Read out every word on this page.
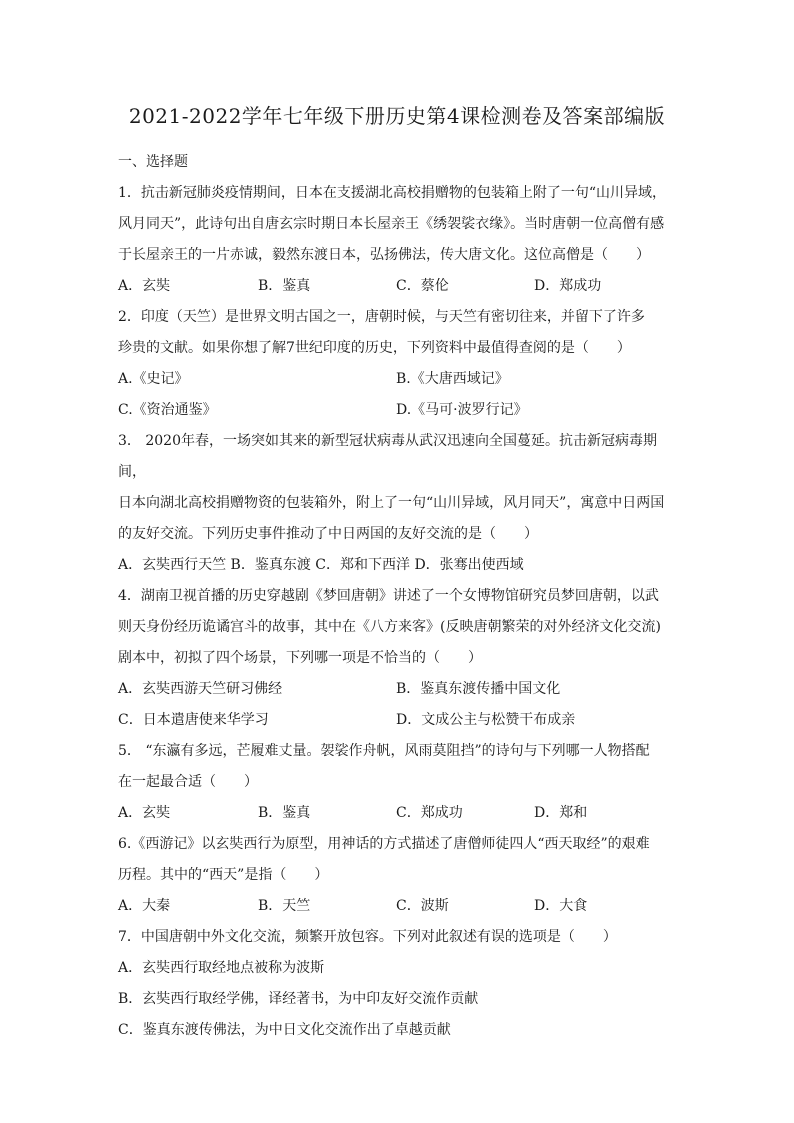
2021-2022学年七年级下册历史第4课检测卷及答案部编版

一、选择题

1．抗击新冠肺炎疫情期间，日本在支援湖北高校捐赠物的包装箱上附了一句“山川异域，

风月同天”，此诗句出自唐玄宗时期日本长屋亲王《绣袈裟衣缘》。当时唐朝一位高僧有感

于长屋亲王的一片赤诚，毅然东渡日本，弘扬佛法，传大唐文化。这位高僧是（　　）

A．玄奘	B．鉴真	C．蔡伦	D．郑成功

2．印度（天竺）是世界文明古国之一，唐朝时候，与天竺有密切往来，并留下了许多

珍贵的文献。如果你想了解7世纪印度的历史，下列资料中最值得查阅的是（　　）

A.《史记》	B.《大唐西域记》
C.《资治通鉴》	D.《马可·波罗行记》

3． 2020年春，一场突如其来的新型冠状病毒从武汉迅速向全国蔓延。抗击新冠病毒期间，

日本向湖北高校捐赠物资的包装箱外，附上了一句“山川异域，风月同天”，寓意中日两国

的友好交流。下列历史事件推动了中日两国的友好交流的是（　　）

A．玄奘西行天竺 B．鉴真东渡 C．郑和下西洋 D．张骞出使西域

4．湖南卫视首播的历史穿越剧《梦回唐朝》讲述了一个女博物馆研究员梦回唐朝，以武

则天身份经历诡谲宫斗的故事，其中在《八方来客》(反映唐朝繁荣的对外经济文化交流)

剧本中，初拟了四个场景，下列哪一项是不恰当的（　　）

A．玄奘西游天竺研习佛经	B．鉴真东渡传播中国文化
C．日本遣唐使来华学习	D．文成公主与松赞干布成亲

5． “东瀛有多远，芒履难丈量。袈裟作舟帆，风雨莫阻挡”的诗句与下列哪一人物搭配

在一起最合适（　　）

A．玄奘	B．鉴真	C．郑成功	D．郑和

6.《西游记》以玄奘西行为原型，用神话的方式描述了唐僧师徒四人“西天取经”的艰难

历程。其中的“西天”是指（　　）

A．大秦	B．天竺	C．波斯	D．大食

7．中国唐朝中外文化交流，频繁开放包容。下列对此叙述有误的选项是（　　）

A．玄奘西行取经地点被称为波斯

B．玄奘西行取经学佛，译经著书，为中印友好交流作贡献

C．鉴真东渡传佛法，为中日文化交流作出了卓越贡献
